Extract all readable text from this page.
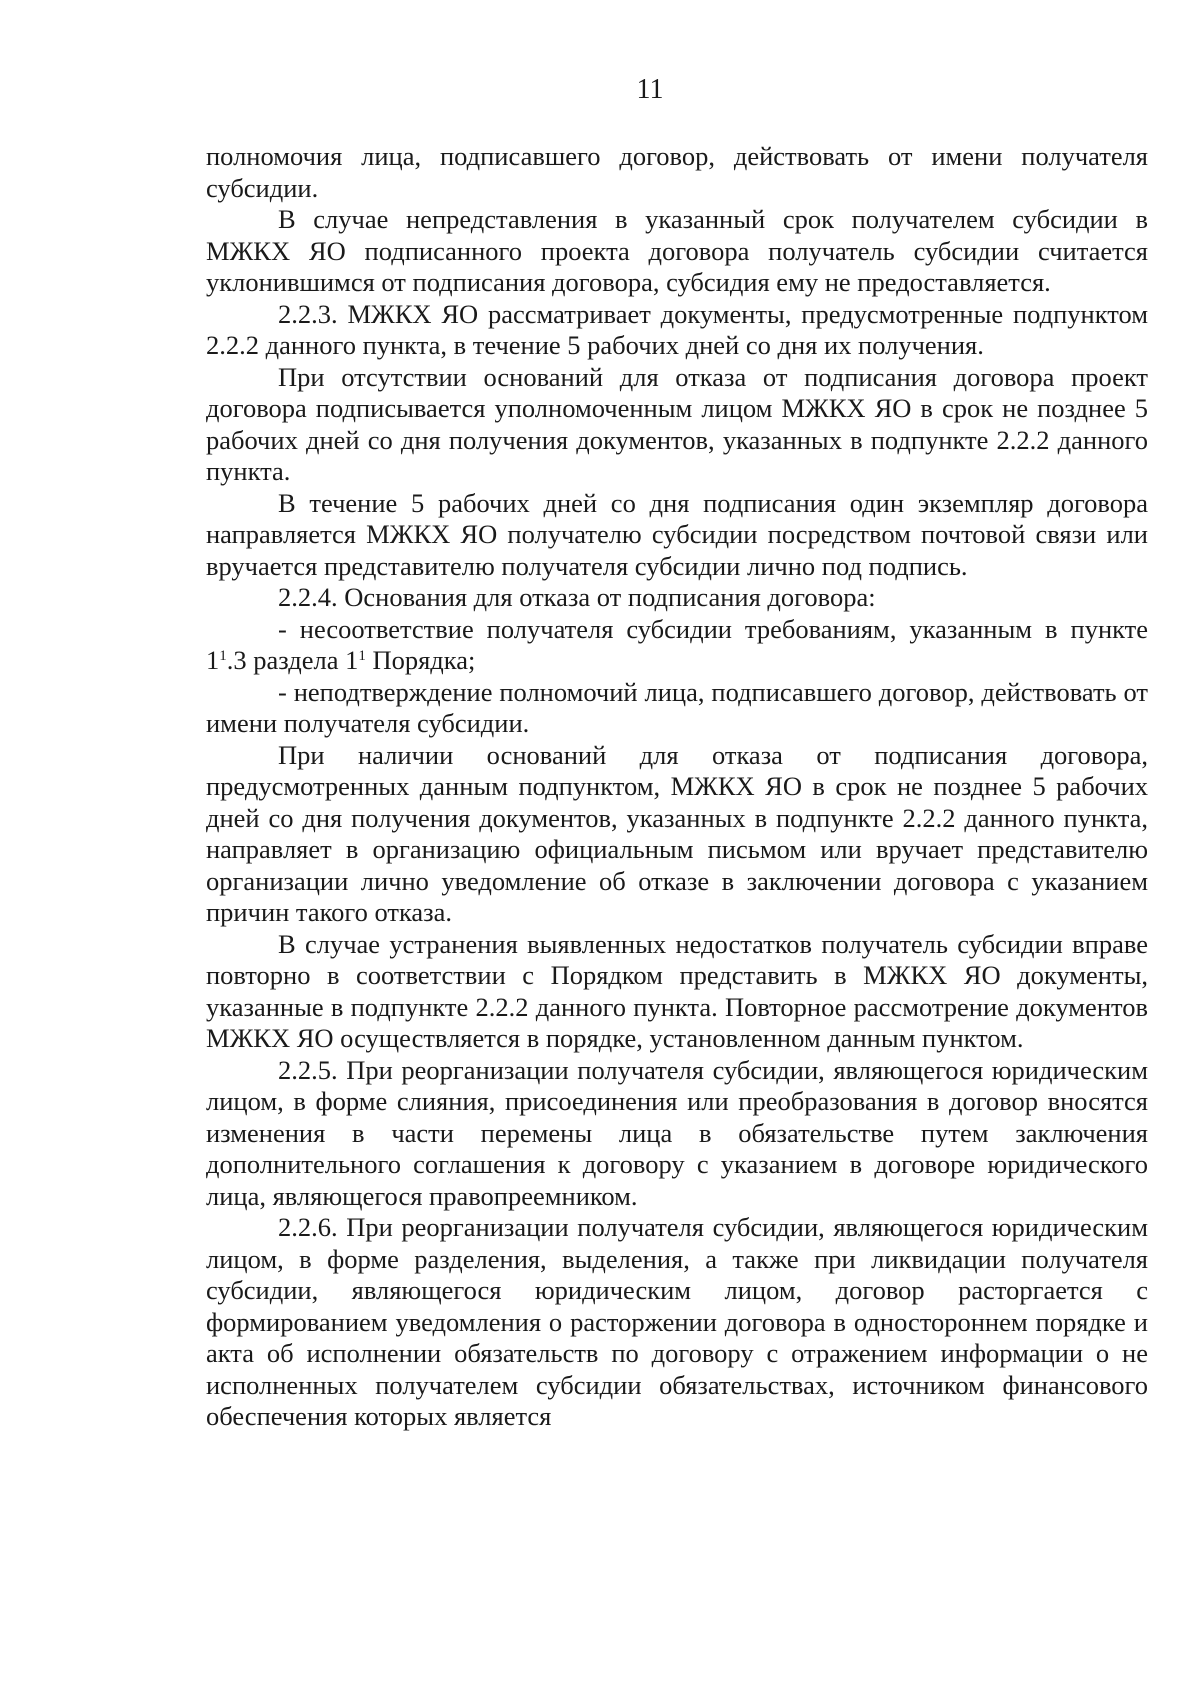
11

полномочия лица, подписавшего договор, действовать от имени получателя субсидии.

В случае непредставления в указанный срок получателем субсидии в МЖКХ ЯО подписанного проекта договора получатель субсидии считается уклонившимся от подписания договора, субсидия ему не предоставляется.

2.2.3. МЖКХ ЯО рассматривает документы, предусмотренные подпунктом 2.2.2 данного пункта, в течение 5 рабочих дней со дня их получения.

При отсутствии оснований для отказа от подписания договора проект договора подписывается уполномоченным лицом МЖКХ ЯО в срок не позднее 5 рабочих дней со дня получения документов, указанных в подпункте 2.2.2 данного пункта.

В течение 5 рабочих дней со дня подписания один экземпляр договора направляется МЖКХ ЯО получателю субсидии посредством почтовой связи или вручается представителю получателя субсидии лично под подпись.

2.2.4. Основания для отказа от подписания договора:

- несоответствие получателя субсидии требованиям, указанным в пункте $1^1.3$ раздела $1^1$ Порядка;

- неподтверждение полномочий лица, подписавшего договор, действовать от имени получателя субсидии.

При наличии оснований для отказа от подписания договора, предусмотренных данным подпунктом, МЖКХ ЯО в срок не позднее 5 рабочих дней со дня получения документов, указанных в подпункте 2.2.2 данного пункта, направляет в организацию официальным письмом или вручает представителю организации лично уведомление об отказе в заключении договора с указанием причин такого отказа.

В случае устранения выявленных недостатков получатель субсидии вправе повторно в соответствии с Порядком представить в МЖКХ ЯО документы, указанные в подпункте 2.2.2 данного пункта. Повторное рассмотрение документов МЖКХ ЯО осуществляется в порядке, установленном данным пунктом.

2.2.5. При реорганизации получателя субсидии, являющегося юридическим лицом, в форме слияния, присоединения или преобразования в договор вносятся изменения в части перемены лица в обязательстве путем заключения дополнительного соглашения к договору с указанием в договоре юридического лица, являющегося правопреемником.

2.2.6. При реорганизации получателя субсидии, являющегося юридическим лицом, в форме разделения, выделения, а также при ликвидации получателя субсидии, являющегося юридическим лицом, договор расторгается с формированием уведомления о расторжении договора в одностороннем порядке и акта об исполнении обязательств по договору с отражением информации о не исполненных получателем субсидии обязательствах, источником финансового обеспечения которых является
